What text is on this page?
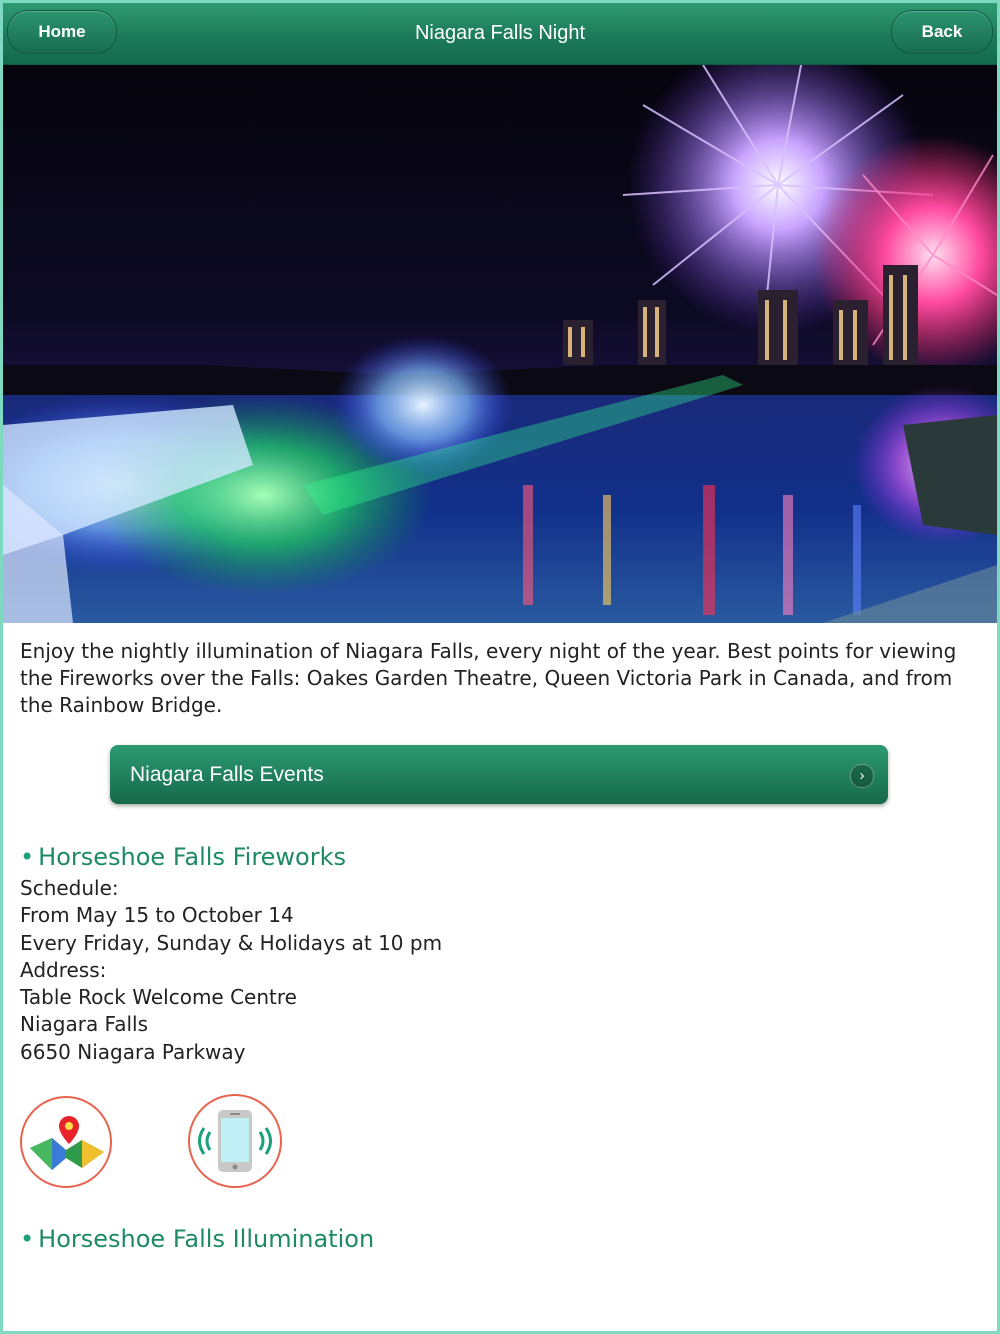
Home	Niagara Falls Night	Back
Enjoy the nightly illumination of Niagara Falls, every night of the year. Best points for viewing the Fireworks over the Falls: Oakes Garden Theatre, Queen Victoria Park in Canada, and from the Rainbow Bridge.
Niagara Falls Events	›
• Horseshoe Falls Fireworks
Schedule:
From May 15 to October 14
Every Friday, Sunday & Holidays at 10 pm
Address:
Table Rock Welcome Centre
Niagara Falls
6650 Niagara Parkway
• Horseshoe Falls Illumination
